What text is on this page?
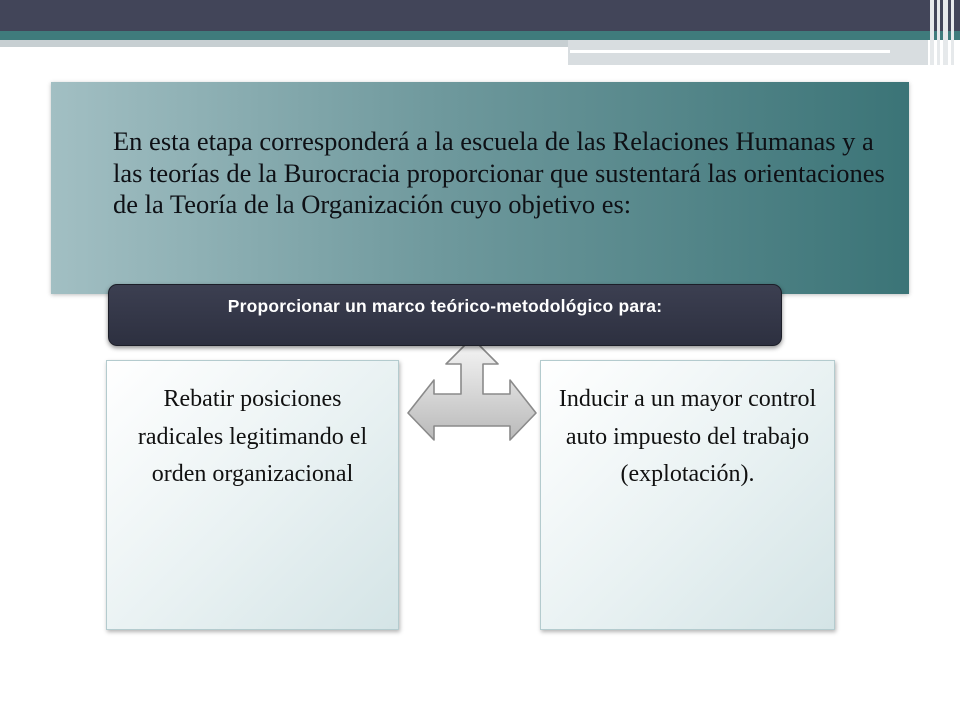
En esta etapa corresponderá a la escuela de las Relaciones Humanas y a las teorías de la Burocracia proporcionar que sustentará las orientaciones de la Teoría de la Organización cuyo objetivo es:
Rebatir posiciones radicales legitimando el orden organizacional
Inducir a un mayor control auto impuesto del trabajo (explotación).
Proporcionar un marco teórico-metodológico para:
